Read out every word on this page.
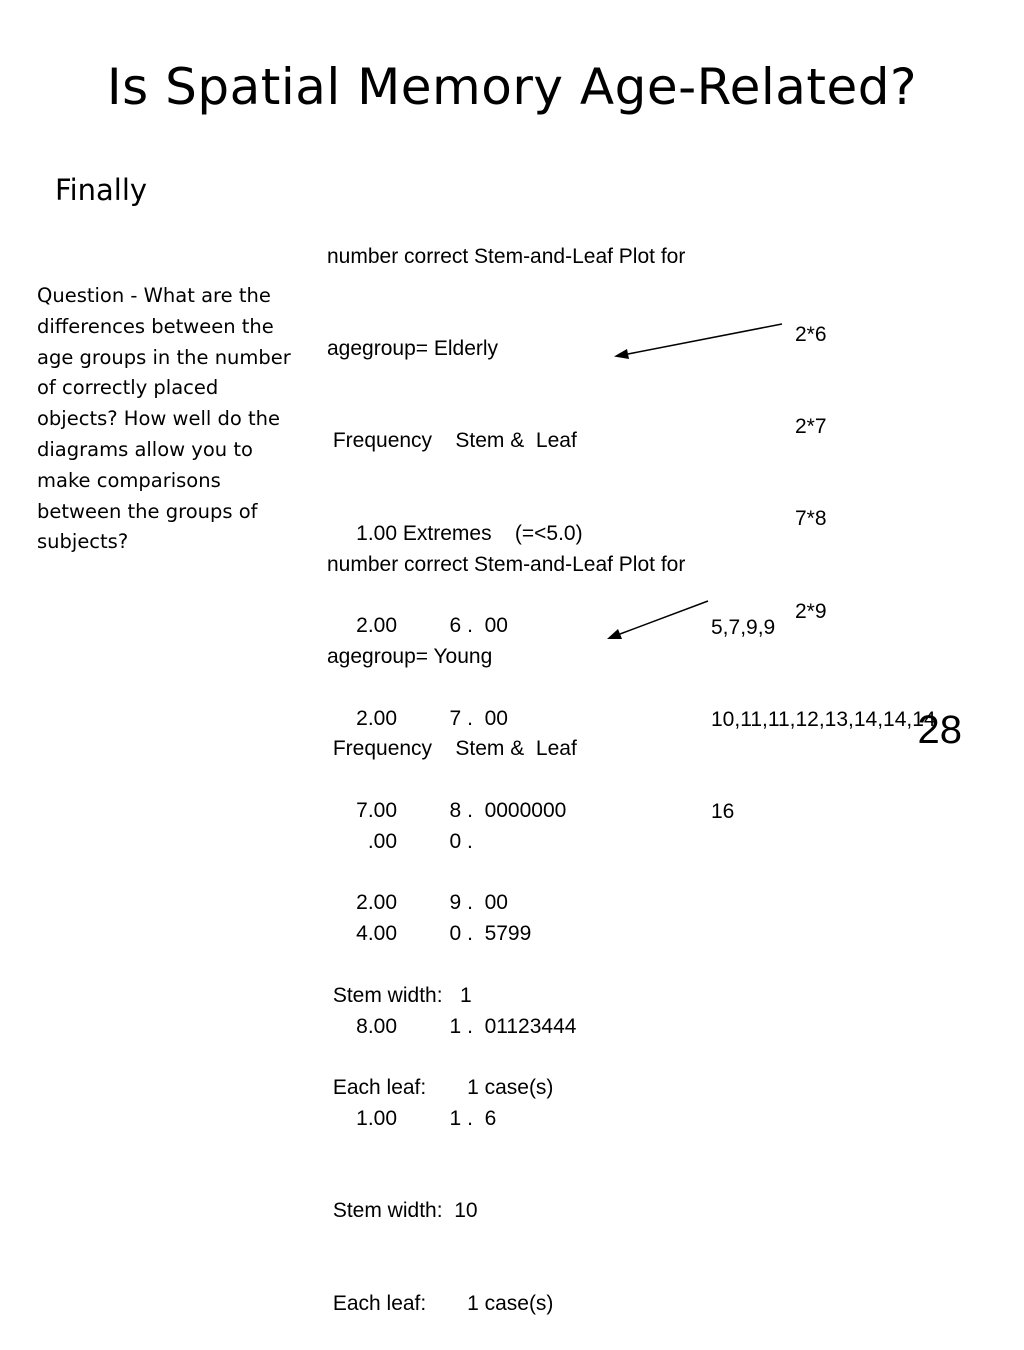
Is Spatial Memory Age-Related?
Finally
Question - What are the differences between the age groups in the number of correctly placed objects? How well do the diagrams allow you to make comparisons between the groups of subjects?

number correct Stem-and-Leaf Plot for

agegroup= Elderly

Frequency    Stem &  Leaf

1.00 Extremes    (=<5.0)

2.00         6 .  00

2.00         7 .  00

7.00         8 .  0000000

2.00         9 .  00

Stem width:   1

Each leaf:       1 case(s)

number correct Stem-and-Leaf Plot for

agegroup= Young

Frequency    Stem &  Leaf

.00         0 .

4.00         0 .  5799

8.00         1 .  01123444

1.00         1 .  6

Stem width:  10

Each leaf:       1 case(s)

2*6

2*7

7*8

2*9

5,7,9,9

10,11,11,12,13,14,14,14

16

28
